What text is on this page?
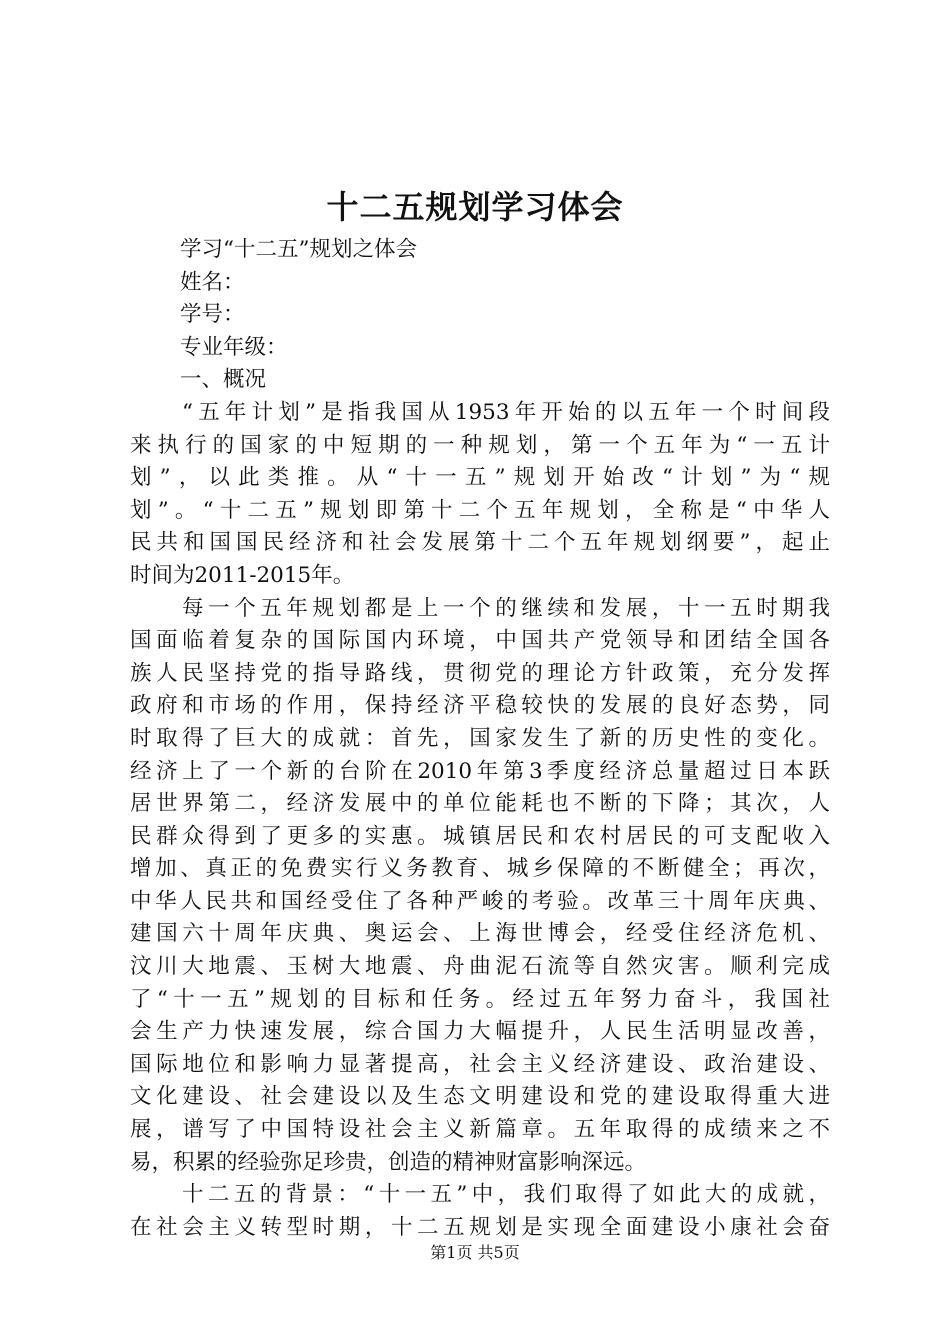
十二五规划学习体会
学习“十二五”规划之体会
姓名：
学号：
专业年级：
一、概况
“五年计划”是指我国从1953年开始的以五年一个时间段
来执行的国家的中短期的一种规划，第一个五年为“一五计
划”，以此类推。从“十一五”规划开始改“计划”为“规
划”。“十二五”规划即第十二个五年规划，全称是“中华人
民共和国国民经济和社会发展第十二个五年规划纲要”，起止
时间为2011-2015年。
每一个五年规划都是上一个的继续和发展，十一五时期我
国面临着复杂的国际国内环境，中国共产党领导和团结全国各
族人民坚持党的指导路线，贯彻党的理论方针政策，充分发挥
政府和市场的作用，保持经济平稳较快的发展的良好态势，同
时取得了巨大的成就：首先，国家发生了新的历史性的变化。
经济上了一个新的台阶在2010年第3季度经济总量超过日本跃
居世界第二，经济发展中的单位能耗也不断的下降；其次，人
民群众得到了更多的实惠。城镇居民和农村居民的可支配收入
增加、真正的免费实行义务教育、城乡保障的不断健全；再次，
中华人民共和国经受住了各种严峻的考验。改革三十周年庆典、
建国六十周年庆典、奥运会、上海世博会，经受住经济危机、
汶川大地震、玉树大地震、舟曲泥石流等自然灾害。顺利完成
了“十一五”规划的目标和任务。经过五年努力奋斗，我国社
会生产力快速发展，综合国力大幅提升，人民生活明显改善，
国际地位和影响力显著提高，社会主义经济建设、政治建设、
文化建设、社会建设以及生态文明建设和党的建设取得重大进
展，谱写了中国特设社会主义新篇章。五年取得的成绩来之不
易，积累的经验弥足珍贵，创造的精神财富影响深远。
十二五的背景：“十一五”中，我们取得了如此大的成就，
在社会主义转型时期，十二五规划是实现全面建设小康社会奋
第1页 共5页
